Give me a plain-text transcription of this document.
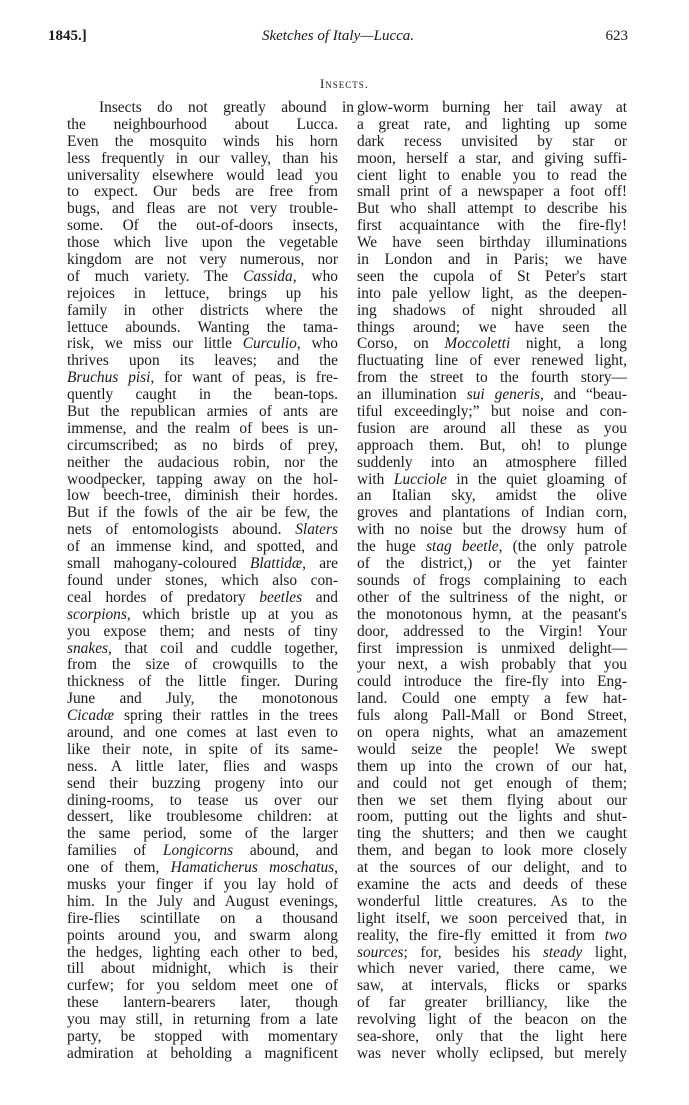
1845.]	Sketches of Italy—Lucca.	623
Insects.
Insects do not greatly abound in
the neighbourhood about Lucca.
Even the mosquito winds his horn
less frequently in our valley, than his
universality elsewhere would lead you
to expect. Our beds are free from
bugs, and fleas are not very trouble-
some. Of the out-of-doors insects,
those which live upon the vegetable
kingdom are not very numerous, nor
of much variety. The Cassida, who
rejoices in lettuce, brings up his
family in other districts where the
lettuce abounds. Wanting the tama-
risk, we miss our little Curculio, who
thrives upon its leaves; and the
Bruchus pisi, for want of peas, is fre-
quently caught in the bean-tops.
But the republican armies of ants are
immense, and the realm of bees is un-
circumscribed; as no birds of prey,
neither the audacious robin, nor the
woodpecker, tapping away on the hol-
low beech-tree, diminish their hordes.
But if the fowls of the air be few, the
nets of entomologists abound. Slaters
of an immense kind, and spotted, and
small mahogany-coloured Blattidæ, are
found under stones, which also con-
ceal hordes of predatory beetles and
scorpions, which bristle up at you as
you expose them; and nests of tiny
snakes, that coil and cuddle together,
from the size of crowquills to the
thickness of the little finger. During
June and July, the monotonous
Cicadæ spring their rattles in the trees
around, and one comes at last even to
like their note, in spite of its same-
ness. A little later, flies and wasps
send their buzzing progeny into our
dining-rooms, to tease us over our
dessert, like troublesome children: at
the same period, some of the larger
families of Longicorns abound, and
one of them, Hamaticherus moschatus,
musks your finger if you lay hold of
him. In the July and August evenings,
fire-flies scintillate on a thousand
points around you, and swarm along
the hedges, lighting each other to bed,
till about midnight, which is their
curfew; for you seldom meet one of
these lantern-bearers later, though
you may still, in returning from a late
party, be stopped with momentary
admiration at beholding a magnificent
glow-worm burning her tail away at
a great rate, and lighting up some
dark recess unvisited by star or
moon, herself a star, and giving suffi-
cient light to enable you to read the
small print of a newspaper a foot off!
But who shall attempt to describe his
first acquaintance with the fire-fly!
We have seen birthday illuminations
in London and in Paris; we have
seen the cupola of St Peter's start
into pale yellow light, as the deepen-
ing shadows of night shrouded all
things around; we have seen the
Corso, on Moccoletti night, a long
fluctuating line of ever renewed light,
from the street to the fourth story—
an illumination sui generis, and “beau-
tiful exceedingly;” but noise and con-
fusion are around all these as you
approach them. But, oh! to plunge
suddenly into an atmosphere filled
with Lucciole in the quiet gloaming of
an Italian sky, amidst the olive
groves and plantations of Indian corn,
with no noise but the drowsy hum of
the huge stag beetle, (the only patrole
of the district,) or the yet fainter
sounds of frogs complaining to each
other of the sultriness of the night, or
the monotonous hymn, at the peasant's
door, addressed to the Virgin! Your
first impression is unmixed delight—
your next, a wish probably that you
could introduce the fire-fly into Eng-
land. Could one empty a few hat-
fuls along Pall-Mall or Bond Street,
on opera nights, what an amazement
would seize the people! We swept
them up into the crown of our hat,
and could not get enough of them;
then we set them flying about our
room, putting out the lights and shut-
ting the shutters; and then we caught
them, and began to look more closely
at the sources of our delight, and to
examine the acts and deeds of these
wonderful little creatures. As to the
light itself, we soon perceived that, in
reality, the fire-fly emitted it from two
sources; for, besides his steady light,
which never varied, there came, we
saw, at intervals, flicks or sparks
of far greater brilliancy, like the
revolving light of the beacon on the
sea-shore, only that the light here
was never wholly eclipsed, but merely
